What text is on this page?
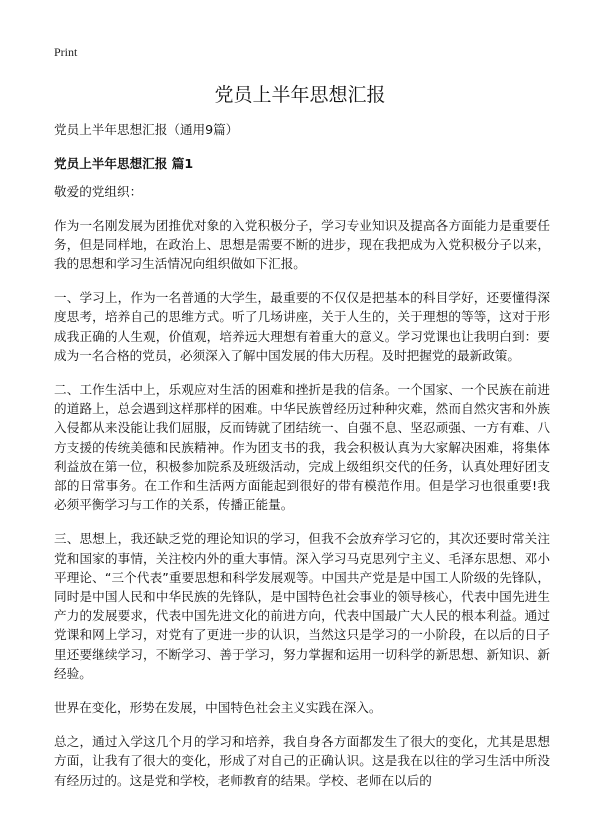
Print
党员上半年思想汇报

党员上半年思想汇报（通用9篇）

党员上半年思想汇报 篇1

敬爱的党组织：

作为一名刚发展为团推优对象的入党积极分子，学习专业知识及提高各方面能力是重要任务，但是同样地，在政治上、思想是需要不断的进步，现在我把成为入党积极分子以来，我的思想和学习生活情况向组织做如下汇报。

一、学习上，作为一名普通的大学生，最重要的不仅仅是把基本的科目学好，还要懂得深度思考，培养自己的思维方式。听了几场讲座，关于人生的，关于理想的等等，这对于形成我正确的人生观，价值观，培养远大理想有着重大的意义。学习党课也让我明白到：要成为一名合格的党员，必须深入了解中国发展的伟大历程。及时把握党的最新政策。

二、工作生活中上，乐观应对生活的困难和挫折是我的信条。一个国家、一个民族在前进的道路上，总会遇到这样那样的困难。中华民族曾经历过种种灾难，然而自然灾害和外族入侵都从来没能让我们屈服，反而铸就了团结统一、自强不息、坚忍顽强、一方有难、八方支援的传统美德和民族精神。作为团支书的我，我会积极认真为大家解决困难，将集体利益放在第一位，积极参加院系及班级活动，完成上级组织交代的任务，认真处理好团支部的日常事务。在工作和生活两方面能起到很好的带有模范作用。但是学习也很重要!我必须平衡学习与工作的关系，传播正能量。

三、思想上，我还缺乏党的理论知识的学习，但我不会放弃学习它的，其次还要时常关注党和国家的事情，关注校内外的重大事情。深入学习马克思列宁主义、毛泽东思想、邓小平理论、“三个代表”重要思想和科学发展观等。中国共产党是是中国工人阶级的先锋队，同时是中国人民和中华民族的先锋队，是中国特色社会事业的领导核心，代表中国先进生产力的发展要求，代表中国先进文化的前进方向，代表中国最广大人民的根本利益。通过党课和网上学习，对党有了更进一步的认识，当然这只是学习的一小阶段，在以后的日子里还要继续学习，不断学习、善于学习，努力掌握和运用一切科学的新思想、新知识、新经验。

世界在变化，形势在发展，中国特色社会主义实践在深入。

总之，通过入学这几个月的学习和培养，我自身各方面都发生了很大的变化，尤其是思想方面，让我有了很大的变化，形成了对自己的正确认识。这是我在以往的学习生活中所没有经历过的。这是党和学校，老师教育的结果。学校、老师在以后的
